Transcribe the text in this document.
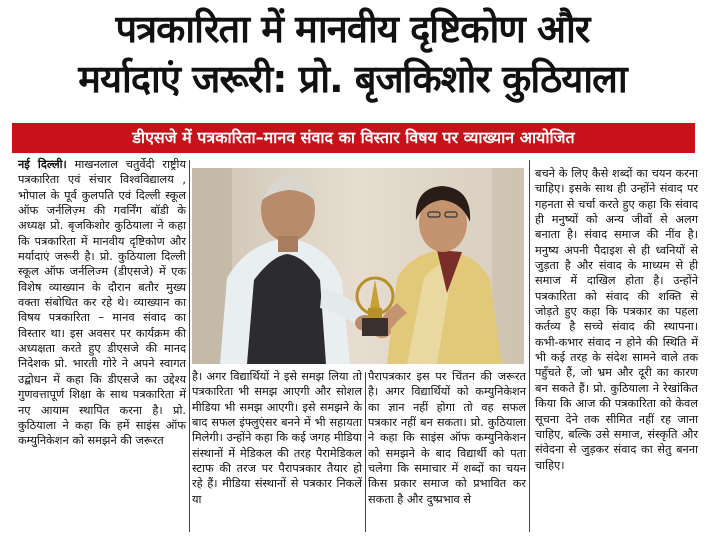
पत्रकारिता में मानवीय दृष्टिकोण और
मर्यादाएं जरूरी: प्रो. बृजकिशोर कुठियाला
डीएसजे में पत्रकारिता–मानव संवाद का विस्तार विषय पर व्याख्यान आयोजित
नई दिल्ली। माखनलाल चतुर्वेदी राष्ट्रीय पत्रकारिता एवं संचार विश्वविद्यालय , भोपाल के पूर्व कुलपति एवं दिल्ली स्कूल ऑफ जर्नलिज़्म की गवर्निंग बॉडी के अध्यक्ष प्रो. बृजकिशोर कुठियाला ने कहा कि पत्रकारिता में मानवीय दृष्टिकोण और मर्यादाएं जरूरी है। प्रो. कुठियाला दिल्ली स्कूल ऑफ जर्नलिज्म (डीएसजे) में एक विशेष व्याख्यान के दौरान बतौर मुख्य वक्ता संबोधित कर रहे थे। व्याख्यान का विषय पत्रकारिता – मानव संवाद का विस्तार था। इस अवसर पर कार्यक्रम की अध्यक्षता करते हुए डीएसजे की मानद निदेशक प्रो. भारती गोरे ने अपने स्वागत उद्बोधन में कहा कि डीएसजे का उद्देश्य गुणवत्तापूर्ण शिक्षा के साथ पत्रकारिता में नए आयाम स्थापित करना है। प्रो. कुठियाला ने कहा कि हमें साइंस ऑफ कम्युनिकेशन को समझने की जरूरत
है। अगर विद्यार्थियों ने इसे समझ लिया तो पत्रकारिता भी समझ आएगी और सोशल मीडिया भी समझ आएगी। इसे समझने के बाद सफल इंफ्लुएंसर बनने में भी सहायता मिलेगी। उन्होंने कहा कि कई जगह मीडिया संस्थानों में मेडिकल की तरह पैरामेडिकल स्टाफ की तरज पर पैरापत्रकार तैयार हो रहे हैं। मीडिया संस्थानों से पत्रकार निकलें या
पैरापत्रकार इस पर चिंतन की जरूरत है। अगर विद्यार्थियों को कम्युनिकेशन का ज्ञान नहीं होगा तो वह सफल पत्रकार नहीं बन सकता। प्रो. कुठियाला ने कहा कि साइंस ऑफ कम्युनिकेशन को समझने के बाद विद्यार्थी को पता चलेगा कि समाचार में शब्दों का चयन किस प्रकार समाज को प्रभावित कर सकता है और दुष्प्रभाव से
बचने के लिए कैसे शब्दों का चयन करना चाहिए। इसके साथ ही उन्होंने संवाद पर गहनता से चर्चा करते हुए कहा कि संवाद ही मनुष्यों को अन्य जीवों से अलग बनाता है। संवाद समाज की नींव है। मनुष्य अपनी पैदाइश से ही ध्वनियों से जुड़ता है और संवाद के माध्यम से ही समाज में दाखिल होता है। उन्होंने पत्रकारिता को संवाद की शक्ति से जोड़ते हुए कहा कि पत्रकार का पहला कर्तव्य है सच्चे संवाद की स्थापना। कभी-कभार संवाद न होने की स्थिति में भी कई तरह के संदेश सामने वाले तक पहुँचते हैं, जो भ्रम और दूरी का कारण बन सकते हैं। प्रो. कुठियाला ने रेखांकित किया कि आज की पत्रकारिता को केवल सूचना देने तक सीमित नहीं रह जाना चाहिए, बल्कि उसे समाज, संस्कृति और संवेदना से जुड़कर संवाद का सेतु बनना चाहिए।
